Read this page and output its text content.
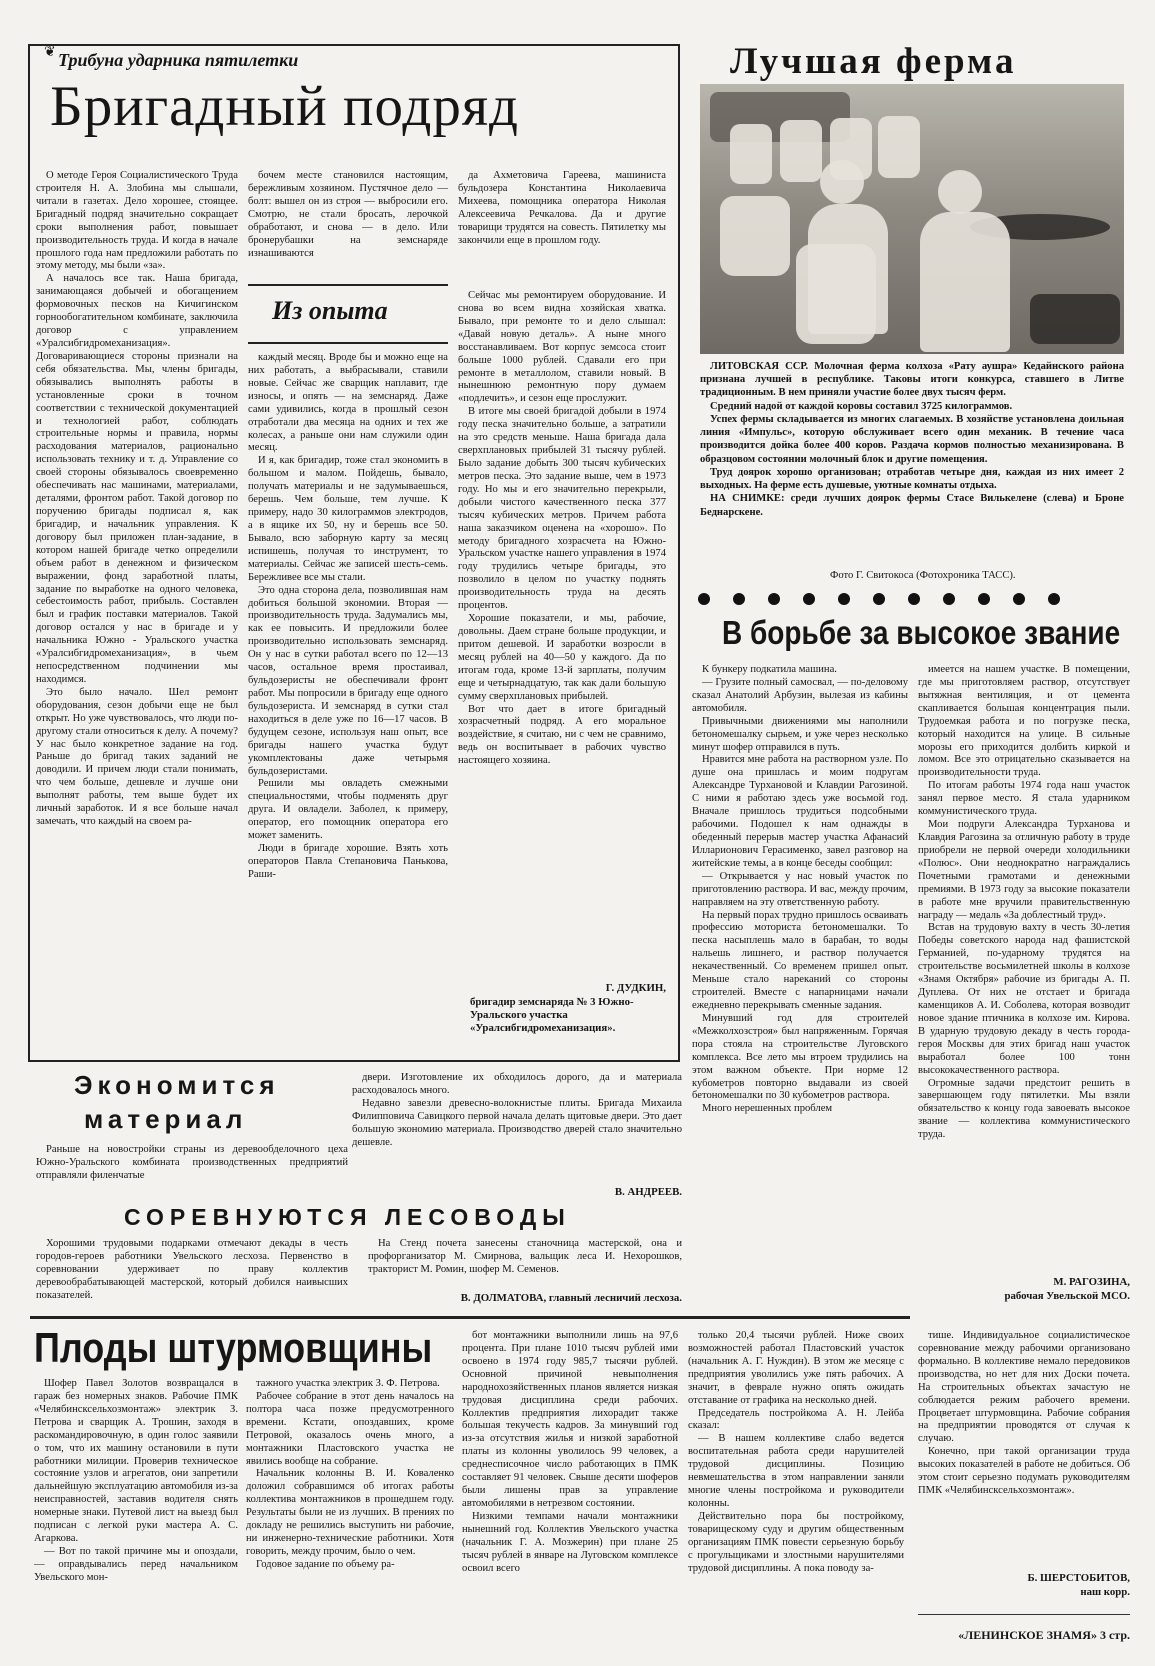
Трибуна ударника пятилетки
❦
Бригадный подряд

О методе Героя Социалистического Труда строителя Н. А. Злобина мы слышали, читали в газетах. Дело хорошее, стоящее. Бригадный подряд значительно сокращает сроки выполнения работ, повышает производительность труда. И когда в начале прошлого года нам предложили работать по этому методу, мы были «за».

А началось все так. Наша бригада, занимающаяся добычей и обогащением формовочных песков на Кичигинском горнообогатительном комбинате, заключила договор с управлением «Уралсибгидромеханизация». Договаривающиеся стороны признали на себя обязательства. Мы, члены бригады, обязывались выполнять работы в установленные сроки в точном соответствии с технической документацией и технологией работ, соблюдать строительные нормы и правила, нормы расходования материалов, рационально использовать технику и т. д. Управление со своей стороны обязывалось своевременно обеспечивать нас машинами, материалами, деталями, фронтом работ. Такой договор по поручению бригады подписал я, как бригадир, и начальник управления. К договору был приложен план-задание, в котором нашей бригаде четко определили объем работ в денежном и физическом выражении, фонд заработной платы, задание по выработке на одного человека, себестоимость работ, прибыль. Составлен был и график поставки материалов. Такой договор остался у нас в бригаде и у начальника Южно - Уральского участка «Уралсибгидромеханизация», в чьем непосредственном подчинении мы находимся.

Это было начало. Шел ремонт оборудования, сезон добычи еще не был открыт. Но уже чувствовалось, что люди по-другому стали относиться к делу. А почему? У нас было конкретное задание на год. Раньше до бригад таких заданий не доводили. И причем люди стали понимать, что чем больше, дешевле и лучше они выполнят работы, тем выше будет их личный заработок. И я все больше начал замечать, что каждый на своем ра-

бочем месте становился настоящим, бережливым хозяином. Пустячное дело — болт: вышел он из строя — выбросили его. Смотрю, не стали бросать, лерочкой обработают, и снова — в дело. Или бронерубашки на земснаряде изнашиваются

да Ахметовича Гареева, машиниста бульдозера Константина Николаевича Михеева, помощника оператора Николая Алексеевича Речкалова. Да и другие товарищи трудятся на совесть. Пятилетку мы закончили еще в прошлом году.

Из опыта

каждый месяц. Вроде бы и можно еще на них работать, а выбрасывали, ставили новые. Сейчас же сварщик наплавит, где износы, и опять — на земснаряд. Даже сами удивились, когда в прошлый сезон отработали два месяца на одних и тех же колесах, а раньше они нам служили один месяц.

И я, как бригадир, тоже стал экономить в большом и малом. Пойдешь, бывало, получать материалы и не задумываешься, берешь. Чем больше, тем лучше. К примеру, надо 30 килограммов электродов, а в ящике их 50, ну и берешь все 50. Бывало, всю заборную карту за месяц испишешь, получая то инструмент, то материалы. Сейчас же записей шесть-семь. Бережливее все мы стали.

Это одна сторона дела, позволившая нам добиться большой экономии. Вторая — производительность труда. Задумались мы, как ее повысить. И предложили более производительно использовать земснаряд. Он у нас в сутки работал всего по 12—13 часов, остальное время простаивал, бульдозеристы не обеспечивали фронт работ. Мы попросили в бригаду еще одного бульдозериста. И земснаряд в сутки стал находиться в деле уже по 16—17 часов. В будущем сезоне, используя наш опыт, все бригады нашего участка будут укомплектованы даже четырьмя бульдозеристами.

Решили мы овладеть смежными специальностями, чтобы подменять друг друга. И овладели. Заболел, к примеру, оператор, его помощник оператора его может заменить.

Люди в бригаде хорошие. Взять хоть операторов Павла Степановича Панькова, Раши-

Сейчас мы ремонтируем оборудование. И снова во всем видна хозяйская хватка. Бывало, при ремонте то и дело слышал: «Давай новую деталь». А ныне много восстанавливаем. Вот корпус земсоса стоит больше 1000 рублей. Сдавали его при ремонте в металлолом, ставили новый. В нынешнюю ремонтную пору думаем «подлечить», и сезон еще прослужит.

В итоге мы своей бригадой добыли в 1974 году песка значительно больше, а затратили на это средств меньше. Наша бригада дала сверхплановых прибылей 31 тысячу рублей. Было задание добыть 300 тысяч кубических метров песка. Это задание выше, чем в 1973 году. Но мы и его значительно перекрыли, добыли чистого качественного песка 377 тысяч кубических метров. Причем работа наша заказчиком оценена на «хорошо». По методу бригадного хозрасчета на Южно-Уральском участке нашего управления в 1974 году трудились четыре бригады, это позволило в целом по участку поднять производительность труда на десять процентов.

Хорошие показатели, и мы, рабочие, довольны. Даем стране больше продукции, и притом дешевой. И заработки возросли в месяц рублей на 40—50 у каждого. Да по итогам года, кроме 13-й зарплаты, получим еще и четырнадцатую, так как дали большую сумму сверхплановых прибылей.

Вот что дает в итоге бригадный хозрасчетный подряд. А его моральное воздействие, я считаю, ни с чем не сравнимо, ведь он воспитывает в рабочих чувство настоящего хозяина.

Г. ДУДКИН,
бригадир земснаряда № 3 Южно-Уральского участка «Уралсибгидромеханизация».
Лучшая ферма

ЛИТОВСКАЯ ССР. Молочная ферма колхоза «Рату аушра» Кедайнского района признана лучшей в республике. Таковы итоги конкурса, ставшего в Литве традиционным. В нем приняли участие более двух тысяч ферм.

Средний надой от каждой коровы составил 3725 килограммов.

Успех фермы складывается из многих слагаемых. В хозяйстве установлена доильная линия «Импульс», которую обслуживает всего один механик. В течение часа производится дойка более 400 коров. Раздача кормов полностью механизирована. В образцовом состоянии молочный блок и другие помещения.

Труд доярок хорошо организован; отработав четыре дня, каждая из них имеет 2 выходных. На ферме есть душевые, уютные комнаты отдыха.

НА СНИМКЕ: среди лучших доярок фермы Стасе Вилькелене (слева) и Броне Беднарскене.

Фото Г. Свитокоса (Фотохроника ТАСС).
В борьбе за высокое звание

К бункеру подкатила машина.

— Грузите полный самосвал, — по-деловому сказал Анатолий Арбузин, вылезая из кабины автомобиля.

Привычными движениями мы наполнили бетономешалку сырьем, и уже через несколько минут шофер отправился в путь.

Нравится мне работа на растворном узле. По душе она пришлась и моим подругам Александре Турхановой и Клавдии Рагозиной. С ними я работаю здесь уже восьмой год. Вначале пришлось трудиться подсобными рабочими. Подошел к нам однажды в обеденный перерыв мастер участка Афанасий Илларионович Герасименко, завел разговор на житейские темы, а в конце беседы сообщил:

— Открывается у нас новый участок по приготовлению раствора. И вас, между прочим, направляем на эту ответственную работу.

На первый порах трудно пришлось осваивать профессию моториста бетономешалки. То песка насыплешь мало в барабан, то воды нальешь лишнего, и раствор получается некачественный. Со временем пришел опыт. Меньше стало нареканий со стороны строителей. Вместе с напарницами начали ежедневно перекрывать сменные задания.

Минувший год для строителей «Межколхозстроя» был напряженным. Горячая пора стояла на строительстве Луговского комплекса. Все лето мы втроем трудились на этом важном объекте. При норме 12 кубометров повторно выдавали из своей бетономешалки по 30 кубометров раствора.

Много нерешенных проблем

имеется на нашем участке. В помещении, где мы приготовляем раствор, отсутствует вытяжная вентиляция, и от цемента скапливается большая концентрация пыли. Трудоемкая работа и по погрузке песка, который находится на улице. В сильные морозы его приходится долбить киркой и ломом. Все это отрицательно сказывается на производительности труда.

По итогам работы 1974 года наш участок занял первое место. Я стала ударником коммунистического труда.

Мои подруги Александра Турханова и Клавдия Рагозина за отличную работу в труде приобрели не первой очереди холодильники «Полюс». Они неоднократно награждались Почетными грамотами и денежными премиями. В 1973 году за высокие показатели в работе мне вручили правительственную награду — медаль «За доблестный труд».

Встав на трудовую вахту в честь 30-летия Победы советского народа над фашистской Германией, по-ударному трудятся на строительстве восьмилетней школы в колхозе «Знамя Октября» рабочие из бригады А. П. Дуплева. От них не отстает и бригада каменщиков А. И. Соболева, которая возводит новое здание птичника в колхозе им. Кирова. В ударную трудовую декаду в честь города-героя Москвы для этих бригад наш участок выработал более 100 тонн высококачественного раствора.

Огромные задачи предстоит решить в завершающем году пятилетки. Мы взяли обязательство к концу года завоевать высокое звание — коллектива коммунистического труда.

М. РАГОЗИНА,
рабочая Увельской МСО.
Экономится
материал

Раньше на новостройки страны из деревообделочного цеха Южно-Уральского комбината производственных предприятий отправляли филенчатые

двери. Изготовление их обходилось дорого, да и материала расходовалось много.

Недавно завезли древесно-волокнистые плиты. Бригада Михаила Филипповича Савицкого первой начала делать щитовые двери. Это дает большую экономию материала. Производство дверей стало значительно дешевле.

В. АНДРЕЕВ.
СОРЕВНУЮТСЯ ЛЕСОВОДЫ

Хорошими трудовыми подарками отмечают декады в честь городов-героев работники Увельского лесхоза. Первенство в соревновании удерживает по праву коллектив деревообрабатывающей мастерской, который добился наивысших показателей.

На Стенд почета занесены станочница мастерской, она и профорганизатор М. Смирнова, вальщик леса И. Нехорошков, тракторист М. Ромин, шофер М. Семенов.

В. ДОЛМАТОВА, главный лесничий лесхоза.
Плоды штурмовщины

Шофер Павел Золотов возвращался в гараж без номерных знаков. Рабочие ПМК «Челябинсксельхозмонтаж» электрик З. Петрова и сварщик А. Трошин, заходя в раскомандировочную, в один голос заявили о том, что их машину остановили в пути работники милиции. Проверив техническое состояние узлов и агрегатов, они запретили дальнейшую эксплуатацию автомобиля из-за неисправностей, заставив водителя снять номерные знаки. Путевой лист на выезд был подписан с легкой руки мастера А. С. Агаркова.

— Вот по такой причине мы и опоздали, — оправдывались перед начальником Увельского мон-

тажного участка электрик З. Ф. Петрова.

Рабочее собрание в этот день началось на полтора часа позже предусмотренного времени. Кстати, опоздавших, кроме Петровой, оказалось очень много, а монтажники Пластовского участка не явились вообще на собрание.

Начальник колонны В. И. Коваленко доложил собравшимся об итогах работы коллектива монтажников в прошедшем году. Результаты были не из лучших. В прениях по докладу не решились выступить ни рабочие, ни инженерно-технические работники. Хотя говорить, между прочим, было о чем.

Годовое задание по объему ра-

бот монтажники выполнили лишь на 97,6 процента. При плане 1010 тысяч рублей ими освоено в 1974 году 985,7 тысячи рублей. Основной причиной невыполнения народнохозяйственных планов является низкая трудовая дисциплина среди рабочих. Коллектив предприятия лихорадит также большая текучесть кадров. За минувший год из-за отсутствия жилья и низкой заработной платы из колонны уволилось 99 человек, а среднесписочное число работающих в ПМК составляет 91 человек. Свыше десяти шоферов были лишены прав за управление автомобилями в нетрезвом состоянии.

Низкими темпами начали монтажники нынешний год. Коллектив Увельского участка (начальник Г. А. Мозжерин) при плане 25 тысяч рублей в январе на Луговском комплексе освоил всего

только 20,4 тысячи рублей. Ниже своих возможностей работал Пластовский участок (начальник А. Г. Нуждин). В этом же месяце с предприятия уволились уже пять рабочих. А значит, в феврале нужно опять ожидать отставание от графика на несколько дней.

Председатель постройкома А. Н. Лейба сказал:

— В нашем коллективе слабо ведется воспитательная работа среди нарушителей трудовой дисциплины. Позицию невмешательства в этом направлении заняли многие члены постройкома и руководители колонны.

Действительно пора бы постройкому, товарищескому суду и другим общественным организациям ПМК повести серьезную борьбу с прогульщиками и злостными нарушителями трудовой дисциплины. А пока поводу за-

тише. Индивидуальное социалистическое соревнование между рабочими организовано формально. В коллективе немало передовиков производства, но нет для них Доски почета. На строительных объектах зачастую не соблюдается режим рабочего времени. Процветает штурмовщина. Рабочие собрания на предприятии проводятся от случая к случаю.

Конечно, при такой организации труда высоких показателей в работе не добиться. Об этом стоит серьезно подумать руководителям ПМК «Челябинсксельхозмонтаж».

Б. ШЕРСТОБИТОВ,
наш корр.
«ЛЕНИНСКОЕ ЗНАМЯ» 3 стр.
